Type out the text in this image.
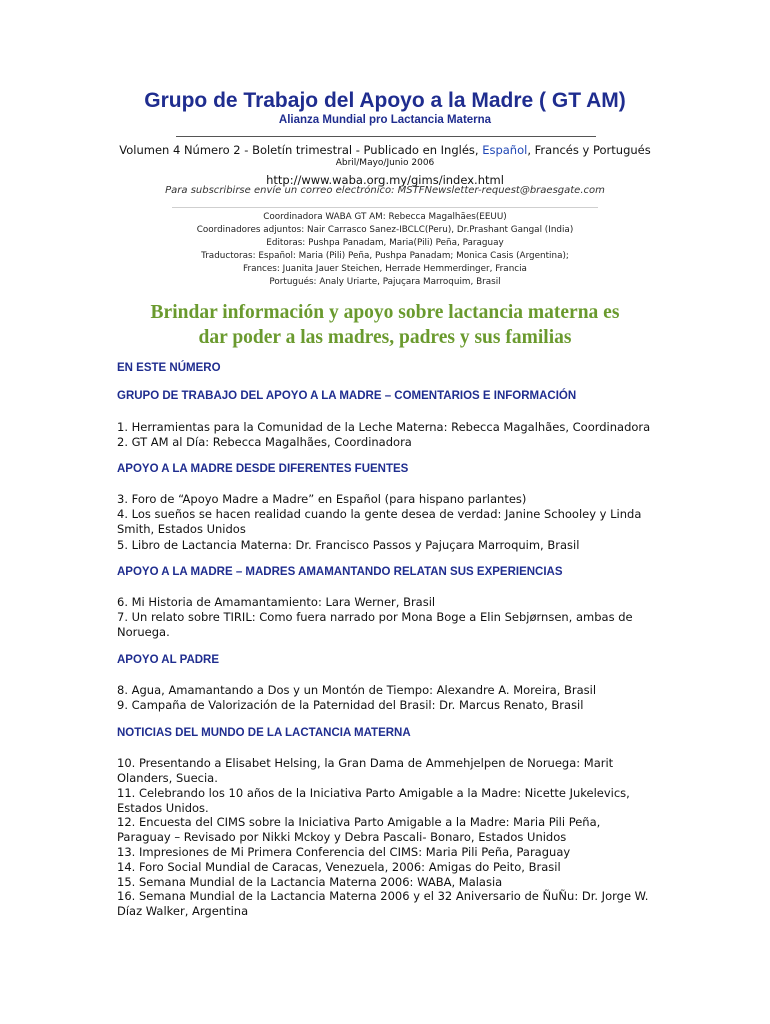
Grupo de Trabajo del Apoyo a la Madre ( GT AM)
Alianza Mundial pro Lactancia Materna
Volumen 4 Número 2 - Boletín trimestral - Publicado en Inglés, Español, Francés y Portugués
Abril/Mayo/Junio 2006
http://www.waba.org.my/gims/index.html
Para subscribirse envíe un correo electrónico: MSTFNewsletter-request@braesgate.com
Coordinadora WABA GT AM: Rebecca Magalhães(EEUU)
Coordinadores adjuntos: Nair Carrasco Sanez-IBCLC(Peru), Dr.Prashant Gangal (India)
Editoras: Pushpa Panadam, Maria(Pili) Peña, Paraguay
Traductoras: Español: Maria (Pili) Peña, Pushpa Panadam; Monica Casis (Argentina);
Frances: Juanita Jauer Steichen, Herrade Hemmerdinger, Francia
Portugués: Analy Uriarte, Pajuçara Marroquim, Brasil
Brindar información y apoyo sobre lactancia materna es
dar poder a las madres, padres y sus familias
EN ESTE NÚMERO
GRUPO DE TRABAJO DEL APOYO A LA MADRE – COMENTARIOS E INFORMACIÓN
1. Herramientas para la Comunidad de la Leche Materna: Rebecca Magalhães, Coordinadora
2. GT AM al Día: Rebecca Magalhães, Coordinadora
APOYO A LA MADRE DESDE DIFERENTES FUENTES
3. Foro de “Apoyo Madre a Madre” en Español (para hispano parlantes)
4. Los sueños se hacen realidad cuando la gente desea de verdad: Janine Schooley y Linda Smith, Estados Unidos
5. Libro de Lactancia Materna: Dr. Francisco Passos y Pajuçara Marroquim, Brasil
APOYO A LA MADRE – MADRES AMAMANTANDO RELATAN SUS EXPERIENCIAS
6. Mi Historia de Amamantamiento: Lara Werner, Brasil
7. Un relato sobre TIRIL: Como fuera narrado por Mona Boge a Elin Sebjørnsen, ambas de Noruega.
APOYO AL PADRE
8. Agua, Amamantando a Dos y un Montón de Tiempo: Alexandre A. Moreira, Brasil
9. Campaña de Valorización de la Paternidad del Brasil: Dr. Marcus Renato, Brasil
NOTICIAS DEL MUNDO DE LA LACTANCIA MATERNA
10. Presentando a Elisabet Helsing, la Gran Dama de Ammehjelpen de Noruega: Marit Olanders, Suecia.
11. Celebrando los 10 años de la Iniciativa Parto Amigable a la Madre: Nicette Jukelevics, Estados Unidos.
12. Encuesta del CIMS sobre la Iniciativa Parto Amigable a la Madre: Maria Pili Peña, Paraguay – Revisado por Nikki Mckoy y Debra Pascali- Bonaro, Estados Unidos
13. Impresiones de Mi Primera Conferencia del CIMS: Maria Pili Peña, Paraguay
14. Foro Social Mundial de Caracas, Venezuela, 2006: Amigas do Peito, Brasil
15. Semana Mundial de la Lactancia Materna 2006: WABA, Malasia
16. Semana Mundial de la Lactancia Materna 2006 y el 32 Aniversario de ÑuÑu: Dr. Jorge W. Díaz Walker, Argentina
